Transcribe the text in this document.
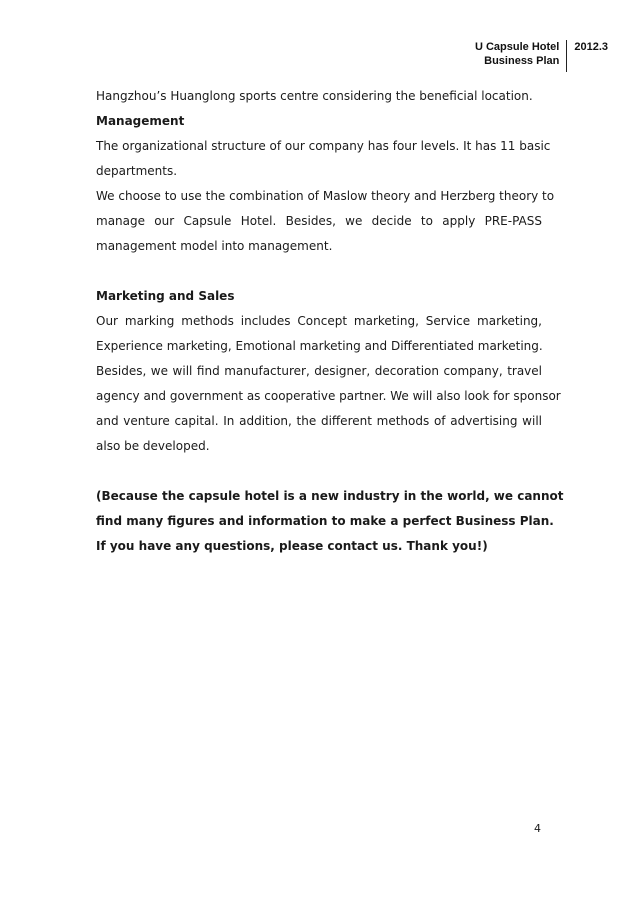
U Capsule Hotel
Business Plan
2012.3
Hangzhou’s Huanglong sports centre considering the beneficial location.
Management
The organizational structure of our company has four levels. It has 11 basic
departments.
We choose to use the combination of Maslow theory and Herzberg theory to
manage our Capsule Hotel. Besides, we decide to apply PRE-PASS
management model into management.
Marketing and Sales
Our marking methods includes Concept marketing, Service marketing,
Experience marketing, Emotional marketing and Differentiated marketing.
Besides, we will find manufacturer, designer, decoration company, travel
agency and government as cooperative partner. We will also look for sponsor
and venture capital. In addition, the different methods of advertising will
also be developed.
(Because the capsule hotel is a new industry in the world, we cannot
find many figures and information to make a perfect Business Plan.
If you have any questions, please contact us. Thank you!)
4
